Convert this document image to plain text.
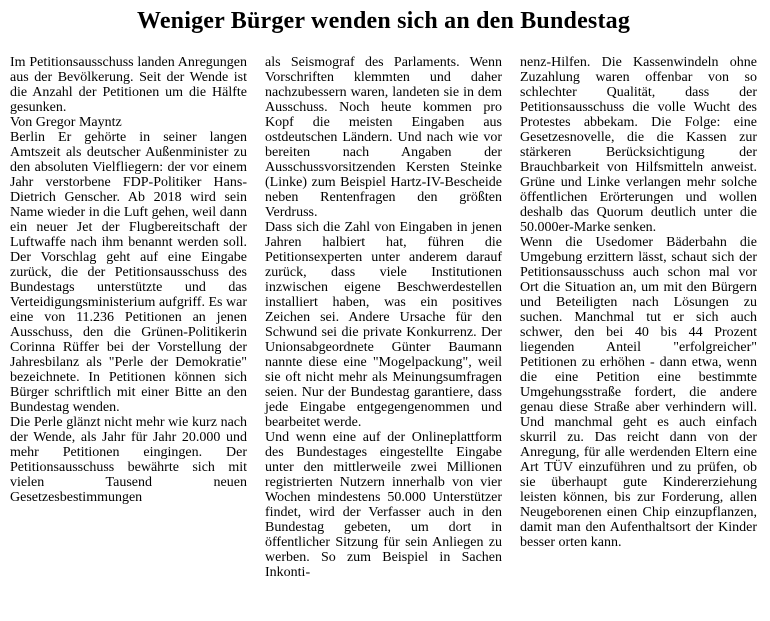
Weniger Bürger wenden sich an den Bundestag

Im Petitionsausschuss landen Anregungen aus der Bevölkerung. Seit der Wende ist die Anzahl der Petitionen um die Hälfte gesunken.

Von Gregor Mayntz

Berlin Er gehörte in seiner langen Amtszeit als deutscher Außenminister zu den absoluten Vielfliegern: der vor einem Jahr verstorbene FDP-Politiker Hans-Dietrich Genscher. Ab 2018 wird sein Name wieder in die Luft gehen, weil dann ein neuer Jet der Flugbereitschaft der Luftwaffe nach ihm benannt werden soll. Der Vorschlag geht auf eine Eingabe zurück, die der Petitionsausschuss des Bundestags unterstützte und das Verteidigungsministerium aufgriff. Es war eine von 11.236 Petitionen an jenen Ausschuss, den die Grünen-Politikerin Corinna Rüffer bei der Vorstellung der Jahresbilanz als "Perle der Demokratie" bezeichnete. In Petitionen können sich Bürger schriftlich mit einer Bitte an den Bundestag wenden.

Die Perle glänzt nicht mehr wie kurz nach der Wende, als Jahr für Jahr 20.000 und mehr Petitionen eingingen. Der Petitionsausschuss bewährte sich mit vielen Tausend neuen Gesetzesbestimmungen

als Seismograf des Parlaments. Wenn Vorschriften klemmten und daher nachzubessern waren, landeten sie in dem Ausschuss. Noch heute kommen pro Kopf die meisten Eingaben aus ostdeutschen Ländern. Und nach wie vor bereiten nach Angaben der Ausschussvorsitzenden Kersten Steinke (Linke) zum Beispiel Hartz-IV-Bescheide neben Rentenfragen den größten Verdruss.

Dass sich die Zahl von Eingaben in jenen Jahren halbiert hat, führen die Petitionsexperten unter anderem darauf zurück, dass viele Institutionen inzwischen eigene Beschwerdestellen installiert haben, was ein positives Zeichen sei. Andere Ursache für den Schwund sei die private Konkurrenz. Der Unionsabgeordnete Günter Baumann nannte diese eine "Mogelpackung", weil sie oft nicht mehr als Meinungsumfragen seien. Nur der Bundestag garantiere, dass jede Eingabe entgegengenommen und bearbeitet werde.

Und wenn eine auf der Onlineplattform des Bundestages eingestellte Eingabe unter den mittlerweile zwei Millionen registrierten Nutzern innerhalb von vier Wochen mindestens 50.000 Unterstützer findet, wird der Verfasser auch in den Bundestag gebeten, um dort in öffentlicher Sitzung für sein Anliegen zu werben. So zum Beispiel in Sachen Inkonti-

nenz-Hilfen. Die Kassenwindeln ohne Zuzahlung waren offenbar von so schlechter Qualität, dass der Petitionsausschuss die volle Wucht des Protestes abbekam. Die Folge: eine Gesetzesnovelle, die die Kassen zur stärkeren Berücksichtigung der Brauchbarkeit von Hilfsmitteln anweist. Grüne und Linke verlangen mehr solche öffentlichen Erörterungen und wollen deshalb das Quorum deutlich unter die 50.000er-Marke senken.

Wenn die Usedomer Bäderbahn die Umgebung erzittern lässt, schaut sich der Petitionsausschuss auch schon mal vor Ort die Situation an, um mit den Bürgern und Beteiligten nach Lösungen zu suchen. Manchmal tut er sich auch schwer, den bei 40 bis 44 Prozent liegenden Anteil "erfolgreicher" Petitionen zu erhöhen - dann etwa, wenn die eine Petition eine bestimmte Umgehungsstraße fordert, die andere genau diese Straße aber verhindern will. Und manchmal geht es auch einfach skurril zu. Das reicht dann von der Anregung, für alle werdenden Eltern eine Art TÜV einzuführen und zu prüfen, ob sie überhaupt gute Kindererziehung leisten können, bis zur Forderung, allen Neugeborenen einen Chip einzupflanzen, damit man den Aufenthaltsort der Kinder besser orten kann.
